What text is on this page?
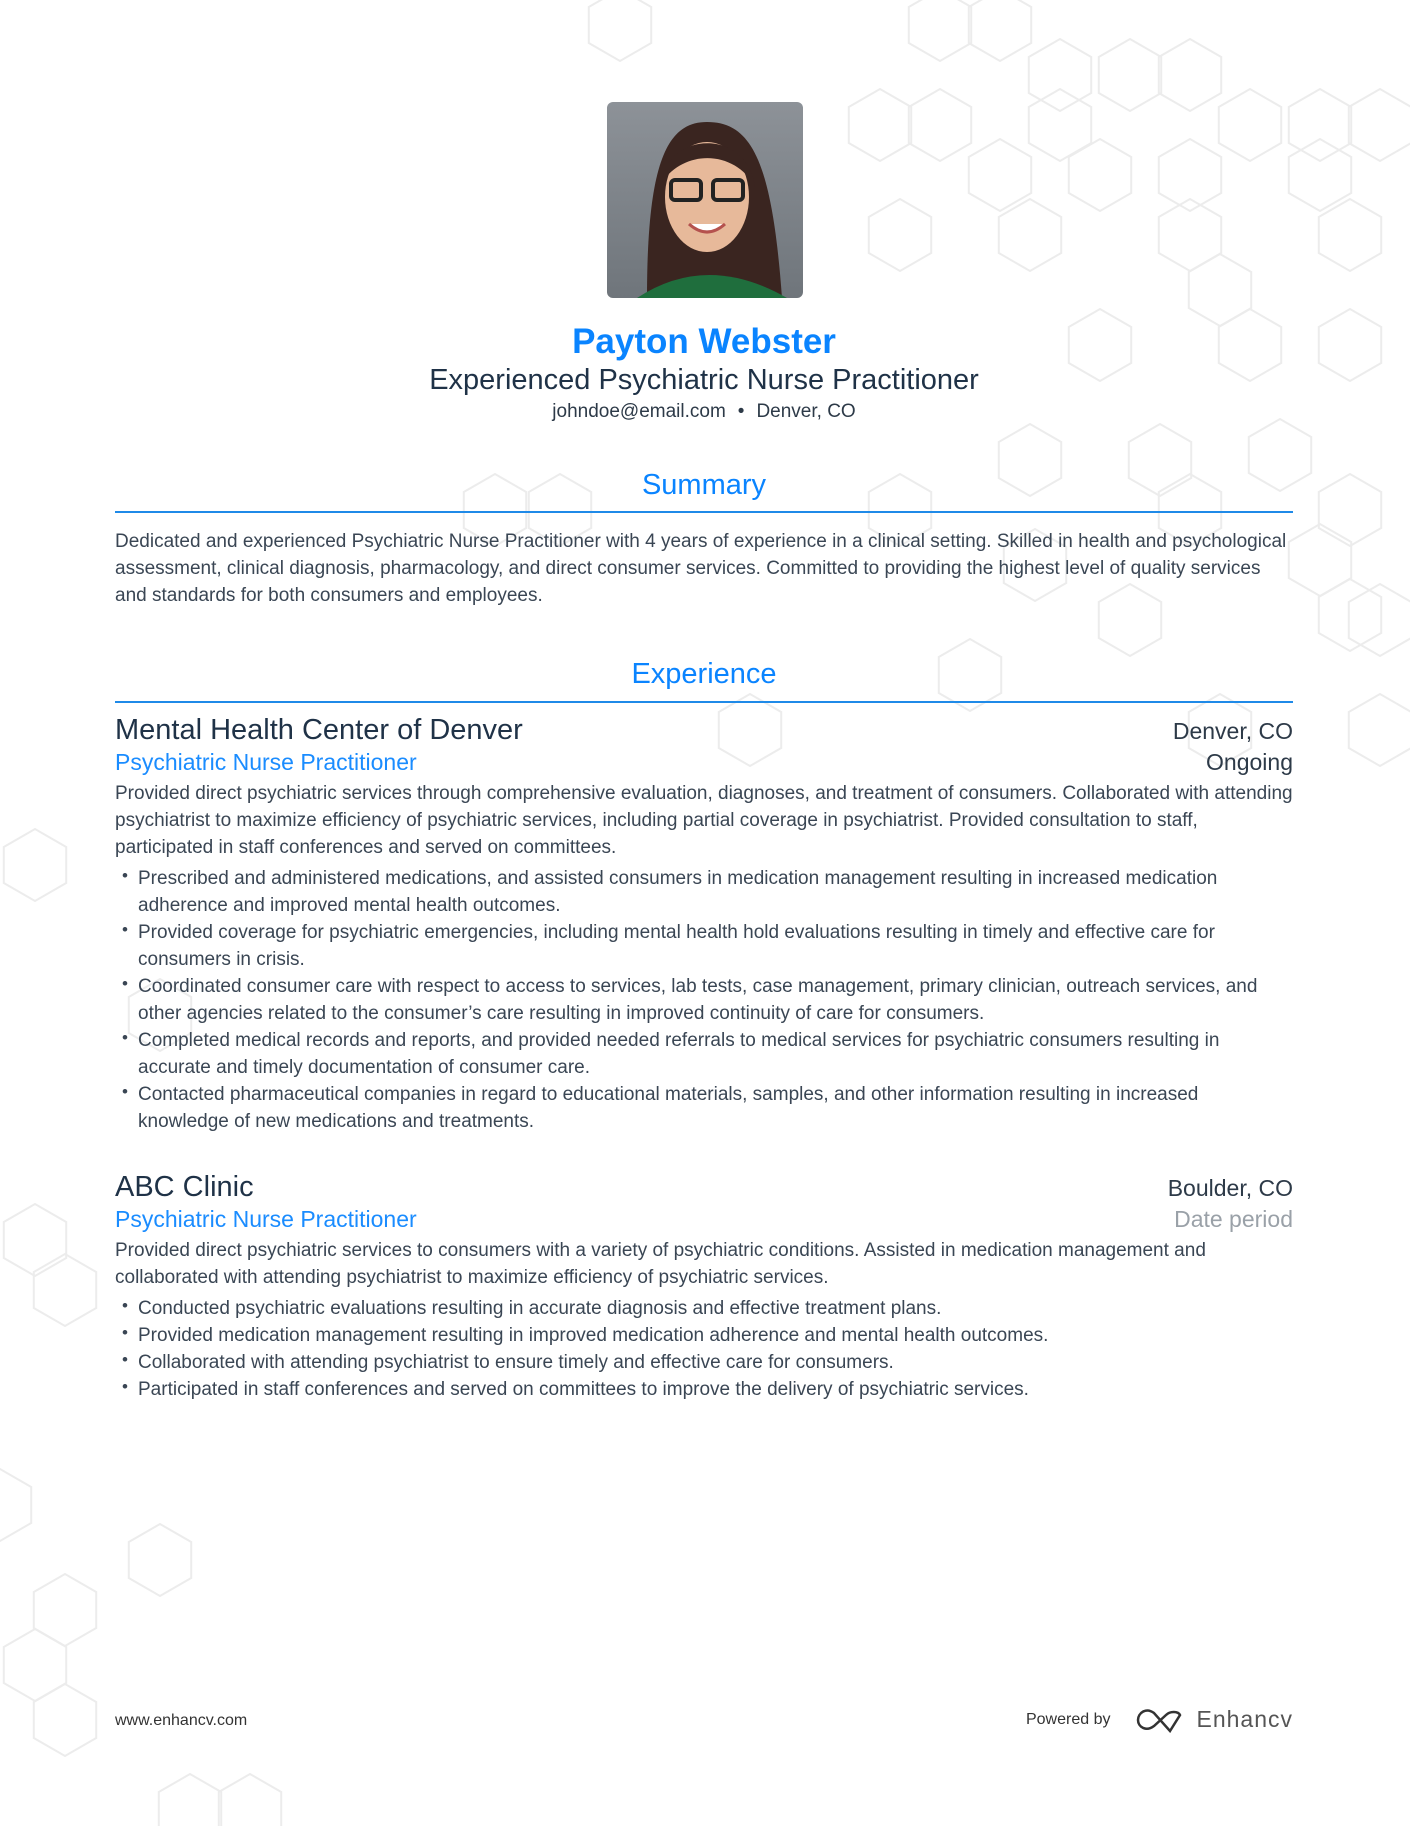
Payton Webster
Experienced Psychiatric Nurse Practitioner
johndoe@email.com • Denver, CO
Summary
Dedicated and experienced Psychiatric Nurse Practitioner with 4 years of experience in a clinical setting. Skilled in health and psychological assessment, clinical diagnosis, pharmacology, and direct consumer services. Committed to providing the highest level of quality services and standards for both consumers and employees.
Experience
Mental Health Center of Denver	Denver, CO
Psychiatric Nurse Practitioner	Ongoing
Provided direct psychiatric services through comprehensive evaluation, diagnoses, and treatment of consumers. Collaborated with attending psychiatrist to maximize efficiency of psychiatric services, including partial coverage in psychiatrist. Provided consultation to staff, participated in staff conferences and served on committees.
• Prescribed and administered medications, and assisted consumers in medication management resulting in increased medication adherence and improved mental health outcomes.
• Provided coverage for psychiatric emergencies, including mental health hold evaluations resulting in timely and effective care for consumers in crisis.
• Coordinated consumer care with respect to access to services, lab tests, case management, primary clinician, outreach services, and other agencies related to the consumer’s care resulting in improved continuity of care for consumers.
• Completed medical records and reports, and provided needed referrals to medical services for psychiatric consumers resulting in accurate and timely documentation of consumer care.
• Contacted pharmaceutical companies in regard to educational materials, samples, and other information resulting in increased knowledge of new medications and treatments.
ABC Clinic	Boulder, CO
Psychiatric Nurse Practitioner	Date period
Provided direct psychiatric services to consumers with a variety of psychiatric conditions. Assisted in medication management and collaborated with attending psychiatrist to maximize efficiency of psychiatric services.
• Conducted psychiatric evaluations resulting in accurate diagnosis and effective treatment plans.
• Provided medication management resulting in improved medication adherence and mental health outcomes.
• Collaborated with attending psychiatrist to ensure timely and effective care for consumers.
• Participated in staff conferences and served on committees to improve the delivery of psychiatric services.
www.enhancv.com	Powered by	Enhancv
